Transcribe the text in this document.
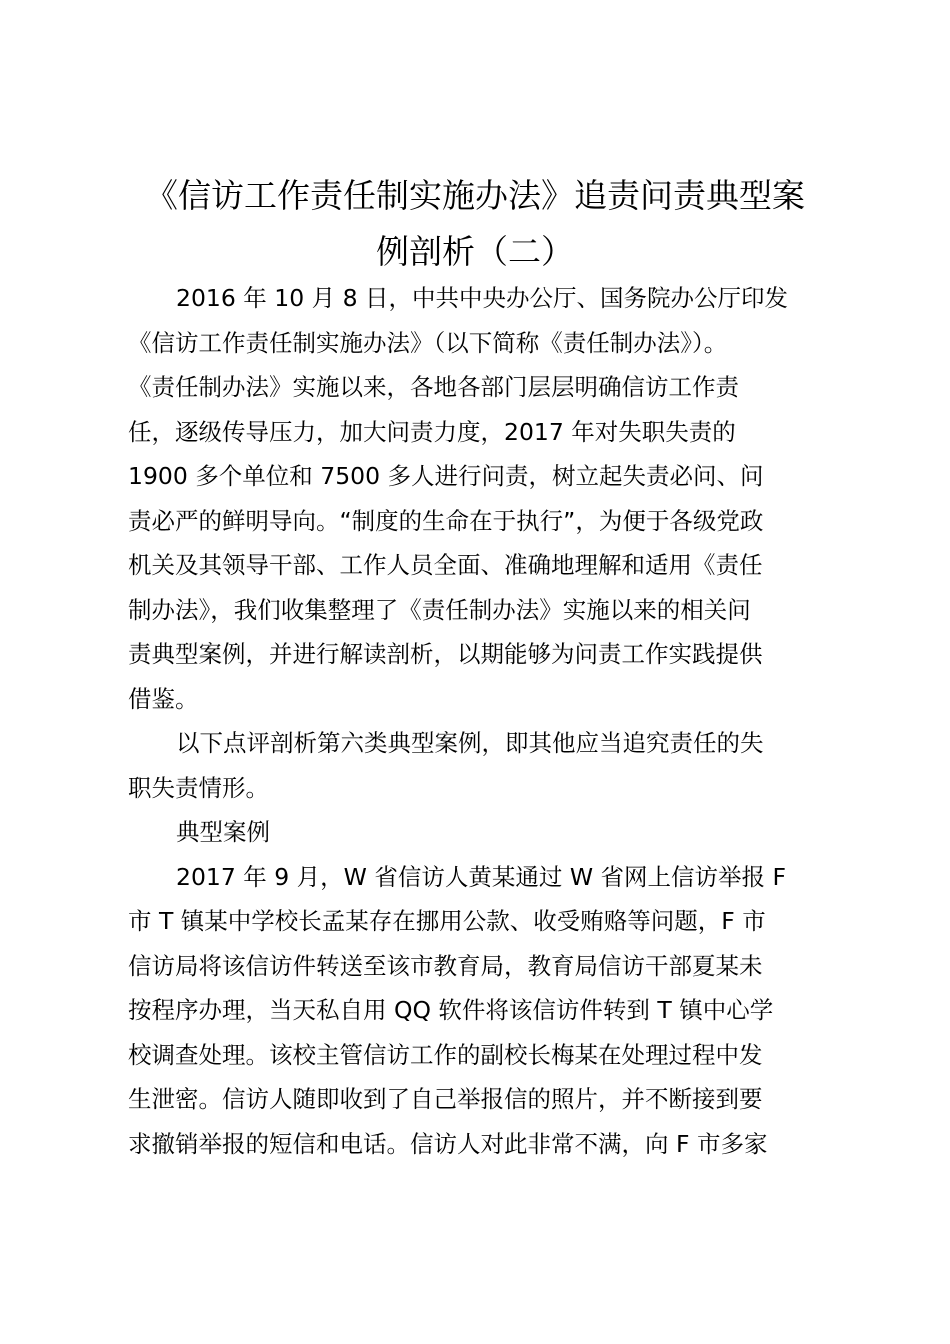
《信访工作责任制实施办法》追责问责典型案
例剖析（二）

2016 年 10 月 8 日，中共中央办公厅、国务院办公厅印发
《信访工作责任制实施办法》（以下简称《责任制办法》）。
《责任制办法》实施以来，各地各部门层层明确信访工作责
任，逐级传导压力，加大问责力度，2017 年对失职失责的
1900 多个单位和 7500 多人进行问责，树立起失责必问、问
责必严的鲜明导向。“制度的生命在于执行”，为便于各级党政
机关及其领导干部、工作人员全面、准确地理解和适用《责任
制办法》，我们收集整理了《责任制办法》实施以来的相关问
责典型案例，并进行解读剖析，以期能够为问责工作实践提供
借鉴。

以下点评剖析第六类典型案例，即其他应当追究责任的失
职失责情形。

典型案例

2017 年 9 月，W 省信访人黄某通过 W 省网上信访举报 F
市 T 镇某中学校长孟某存在挪用公款、收受贿赂等问题，F 市
信访局将该信访件转送至该市教育局，教育局信访干部夏某未
按程序办理，当天私自用 QQ 软件将该信访件转到 T 镇中心学
校调查处理。该校主管信访工作的副校长梅某在处理过程中发
生泄密。信访人随即收到了自己举报信的照片，并不断接到要
求撤销举报的短信和电话。信访人对此非常不满，向 F 市多家
